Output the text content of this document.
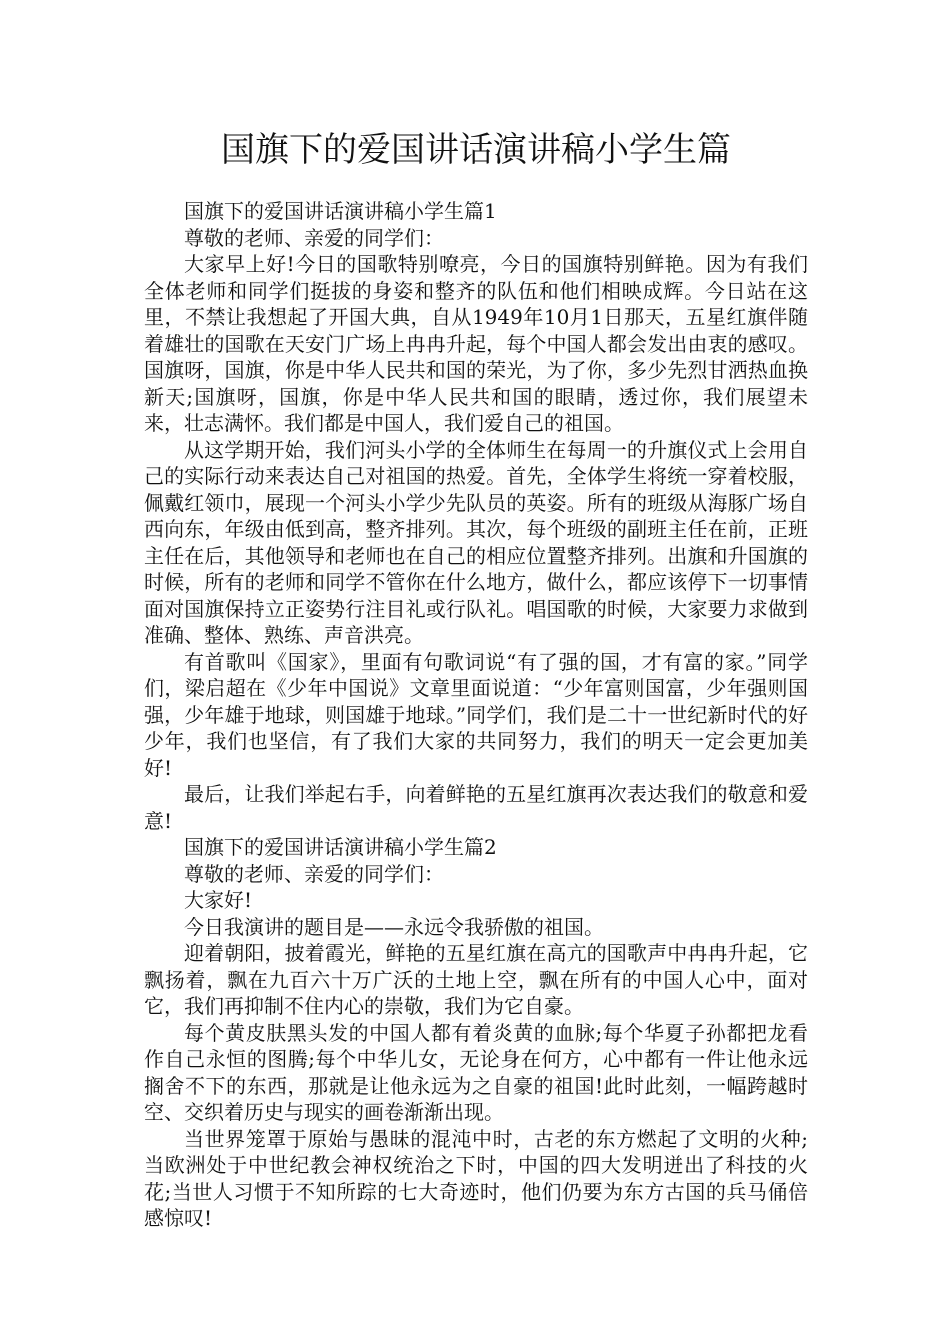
国旗下的爱国讲话演讲稿小学生篇

国旗下的爱国讲话演讲稿小学生篇1

尊敬的老师、亲爱的同学们：

大家早上好!今日的国歌特别嘹亮，今日的国旗特别鲜艳。因为有我们全体老师和同学们挺拔的身姿和整齐的队伍和他们相映成辉。今日站在这里，不禁让我想起了开国大典，自从1949年10月1日那天，五星红旗伴随着雄壮的国歌在天安门广场上冉冉升起，每个中国人都会发出由衷的感叹。国旗呀，国旗，你是中华人民共和国的荣光，为了你，多少先烈甘洒热血换新天;国旗呀，国旗，你是中华人民共和国的眼睛，透过你，我们展望未来，壮志满怀。我们都是中国人，我们爱自己的祖国。

从这学期开始，我们河头小学的全体师生在每周一的升旗仪式上会用自己的实际行动来表达自己对祖国的热爱。首先，全体学生将统一穿着校服，佩戴红领巾，展现一个河头小学少先队员的英姿。所有的班级从海豚广场自西向东，年级由低到高，整齐排列。其次，每个班级的副班主任在前，正班主任在后，其他领导和老师也在自己的相应位置整齐排列。出旗和升国旗的时候，所有的老师和同学不管你在什么地方，做什么，都应该停下一切事情面对国旗保持立正姿势行注目礼或行队礼。唱国歌的时候，大家要力求做到准确、整体、熟练、声音洪亮。

有首歌叫《国家》，里面有句歌词说“有了强的国，才有富的家。”同学们，梁启超在《少年中国说》文章里面说道：“少年富则国富，少年强则国强，少年雄于地球，则国雄于地球。”同学们，我们是二十一世纪新时代的好少年，我们也坚信，有了我们大家的共同努力，我们的明天一定会更加美好!

最后，让我们举起右手，向着鲜艳的五星红旗再次表达我们的敬意和爱意!

国旗下的爱国讲话演讲稿小学生篇2

尊敬的老师、亲爱的同学们：

大家好!

今日我演讲的题目是——永远令我骄傲的祖国。

迎着朝阳，披着霞光，鲜艳的五星红旗在高亢的国歌声中冉冉升起，它飘扬着，飘在九百六十万广沃的土地上空，飘在所有的中国人心中，面对它，我们再抑制不住内心的崇敬，我们为它自豪。

每个黄皮肤黑头发的中国人都有着炎黄的血脉;每个华夏子孙都把龙看作自己永恒的图腾;每个中华儿女，无论身在何方，心中都有一件让他永远搁舍不下的东西，那就是让他永远为之自豪的祖国!此时此刻，一幅跨越时空、交织着历史与现实的画卷渐渐出现。

当世界笼罩于原始与愚昧的混沌中时，古老的东方燃起了文明的火种;当欧洲处于中世纪教会神权统治之下时，中国的四大发明迸出了科技的火花;当世人习惯于不知所踪的七大奇迹时，他们仍要为东方古国的兵马俑倍感惊叹!
